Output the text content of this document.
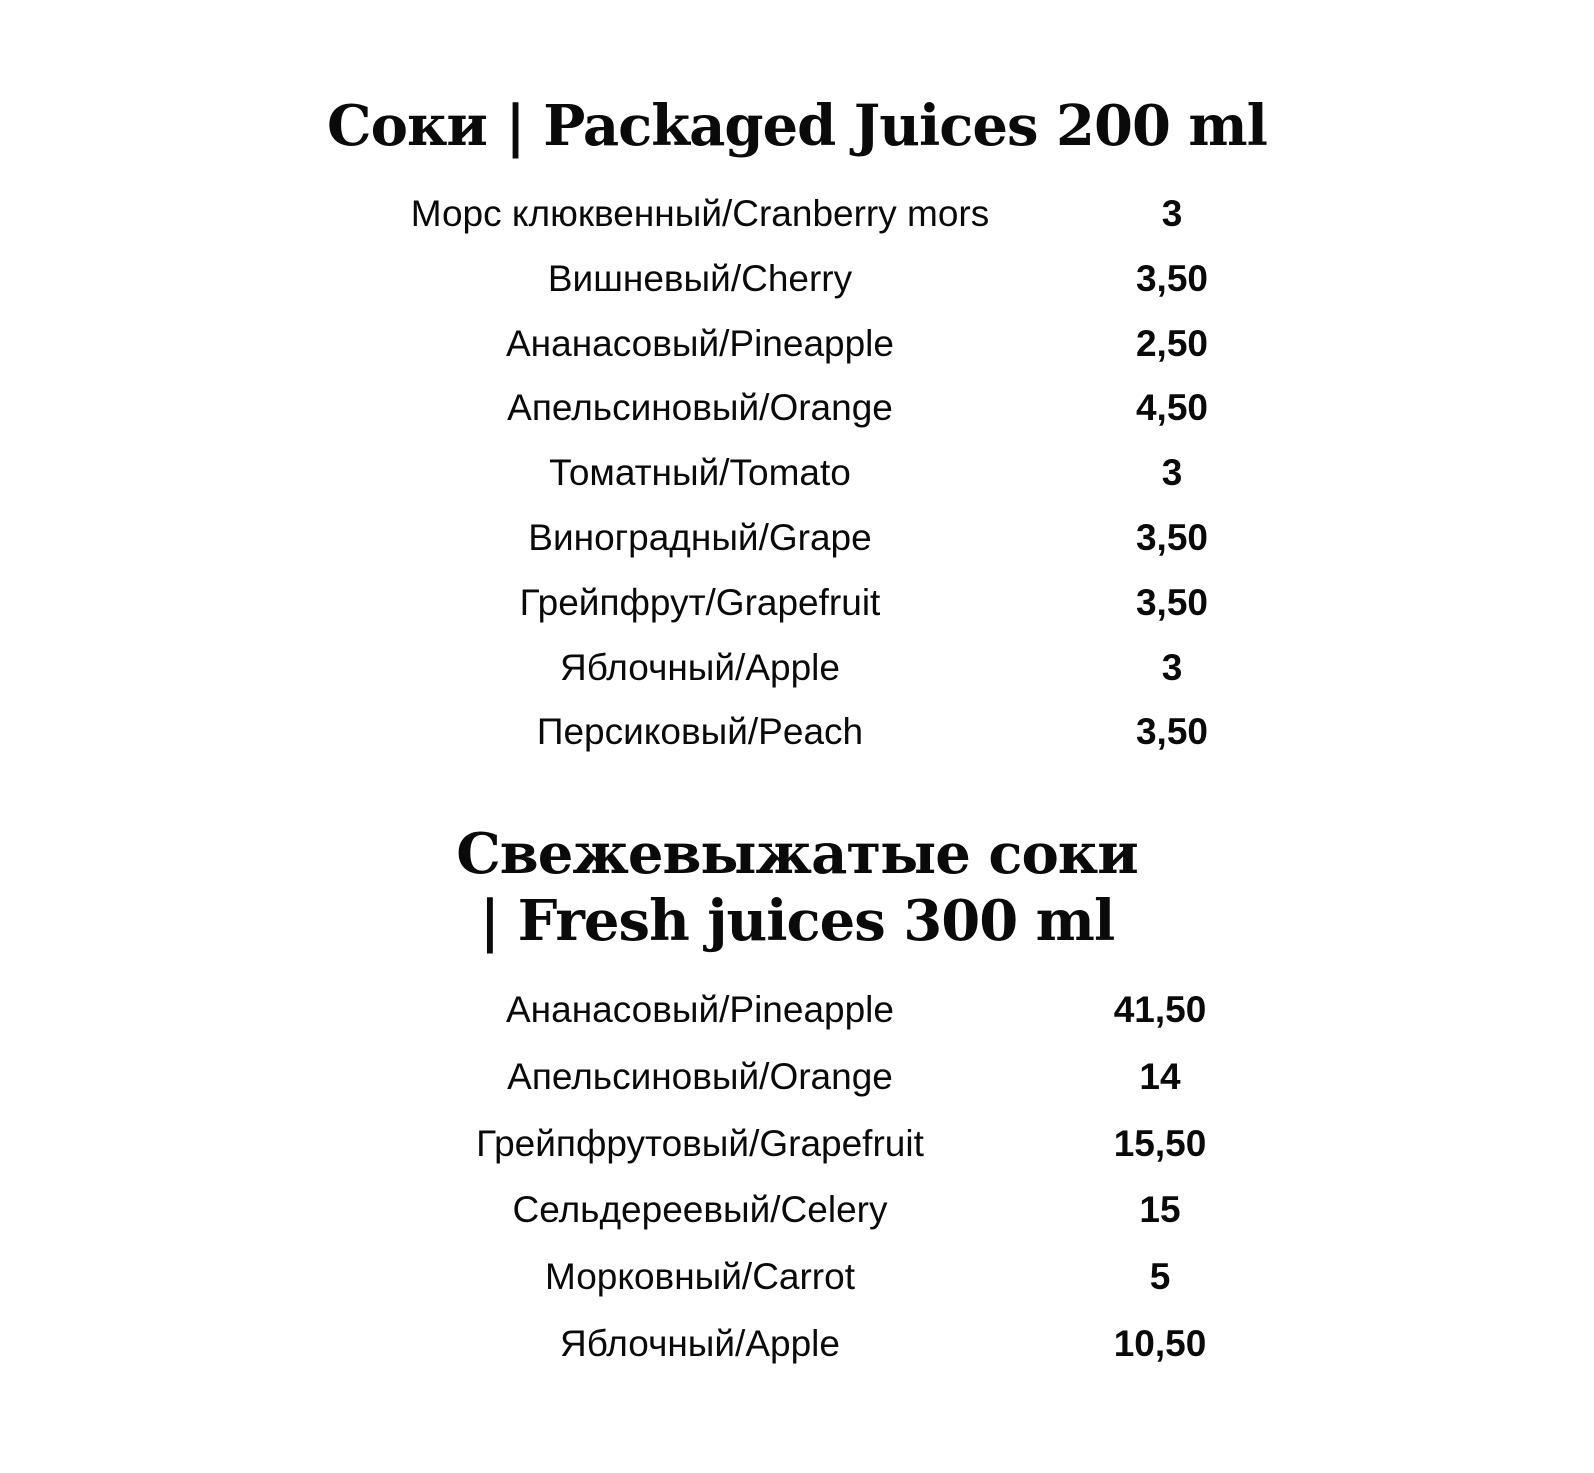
Соки | Packaged Juices 200 ml
Морс клюквенный/Cranberry mors	3
Вишневый/Cherry	3,50
Ананасовый/Pineapple	2,50
Апельсиновый/Orange	4,50
Томатный/Tomato	3
Виноградный/Grape	3,50
Грейпфрут/Grapefruit	3,50
Яблочный/Apple	3
Персиковый/Peach	3,50
Свежевыжатые соки
| Fresh juices 300 ml
Ананасовый/Pineapple	41,50
Апельсиновый/Orange	14
Грейпфрутовый/Grapefruit	15,50
Сельдереевый/Celery	15
Морковный/Carrot	5
Яблочный/Apple	10,50
